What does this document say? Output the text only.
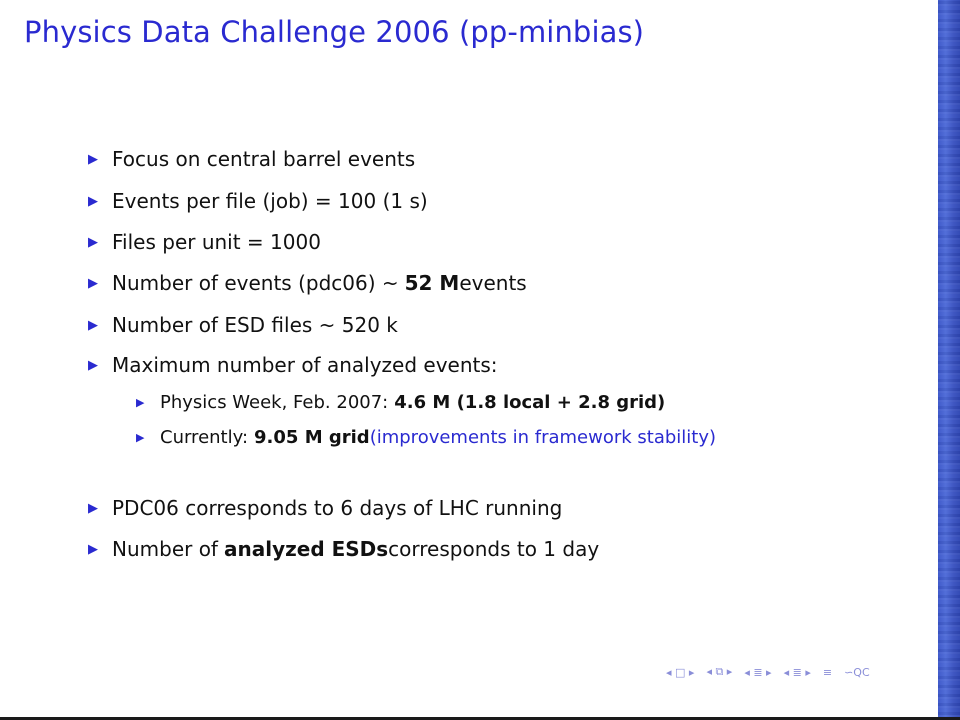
Physics Data Challenge 2006 (pp-minbias)
▶ Focus on central barrel events
▶ Events per file (job) = 100 (1 s)
▶ Files per unit = 1000
▶ Number of events (pdc06) ~ 52 M events
▶ Number of ESD files ~ 520 k
▶ Maximum number of analyzed events:
▶ Physics Week, Feb. 2007: 4.6 M (1.8 local + 2.8 grid)
▶ Currently: 9.05 M grid (improvements in framework stability)
▶ PDC06 corresponds to 6 days of LHC running
▶ Number of analyzed ESDs corresponds to 1 day
◂ □ ▸ ◂ ⧉ ▸ ◂ ≣ ▸ ◂ ≣ ▸ ≡ ∽QC
